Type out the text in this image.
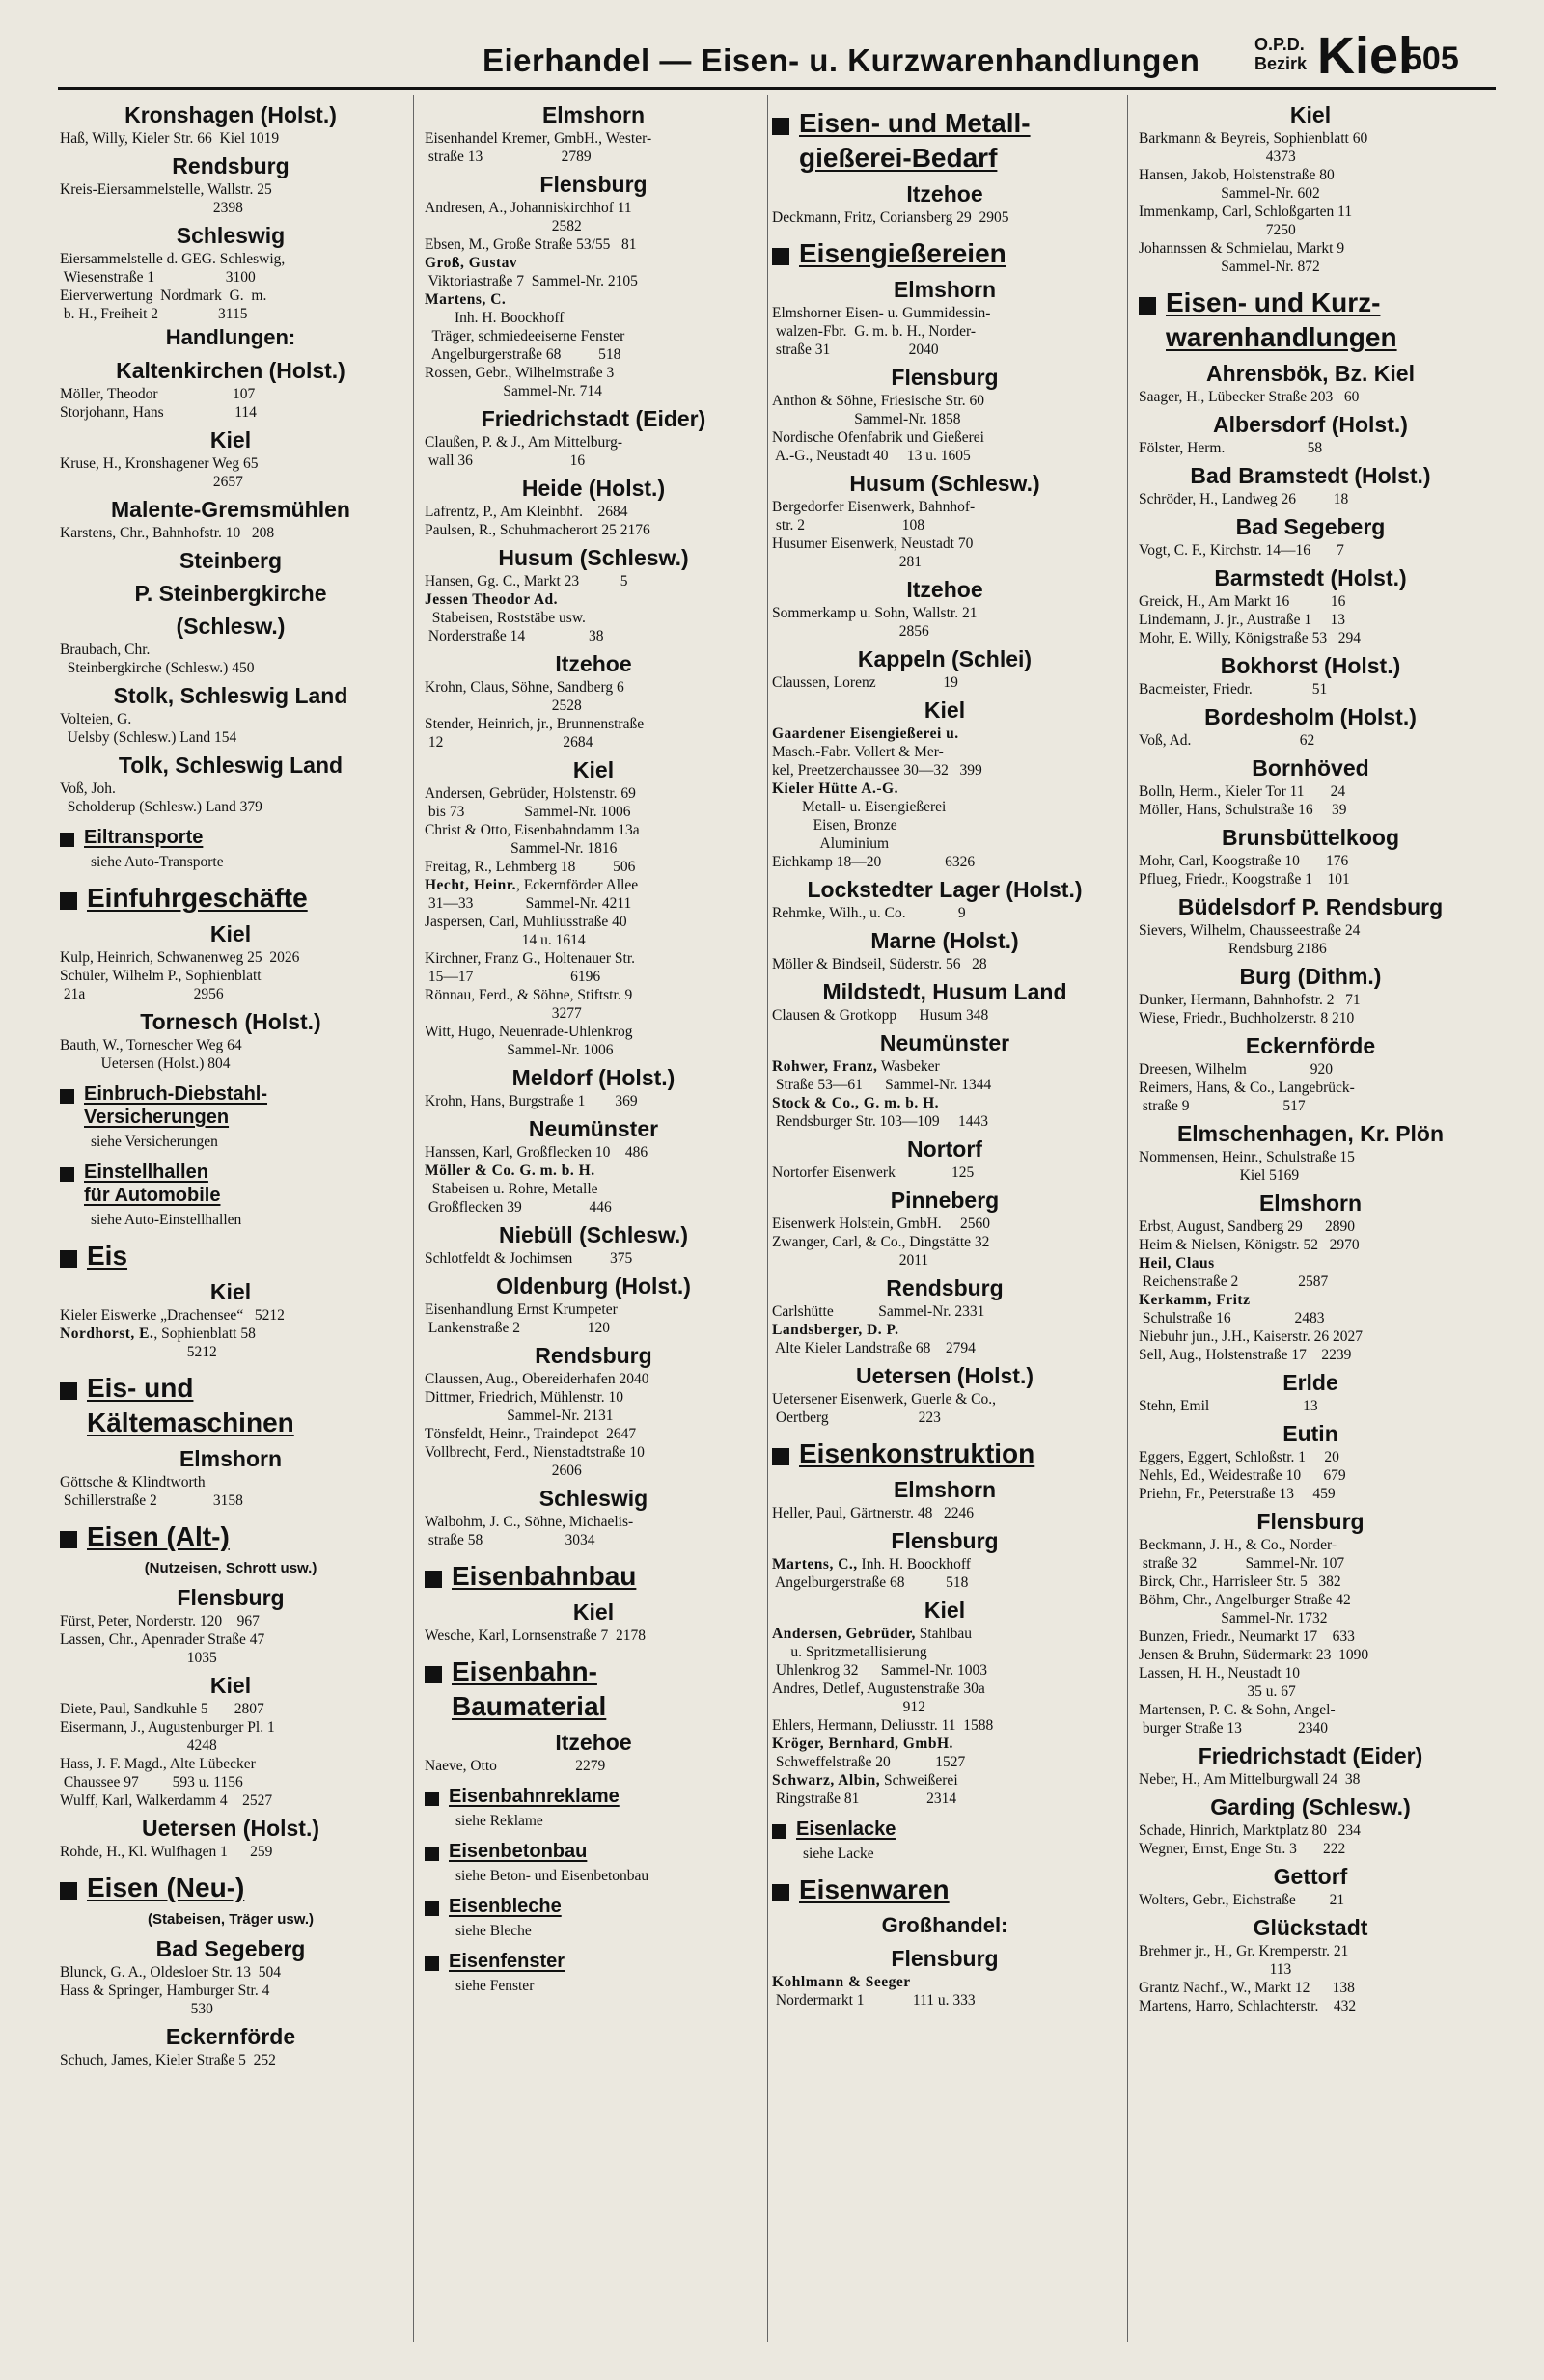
Eierhandel — Eisen- u. Kurzwarenhandlungen	O.P.D. Bezirk Kiel
505
Kronshagen (Holst.)
Haß, Willy, Kieler Str. 66  Kiel 1019
Rendsburg
Kreis-Eiersammelstelle, Wallstr. 25
2398
Schleswig
Eiersammelstelle d. GEG. Schleswig,
Wiesenstraße 1                   3100
Eierverwertung  Nordmark  G.  m.
b. H., Freiheit 2                3115
Handlungen:
Kaltenkirchen (Holst.)
Möller, Theodor                    107
Storjohann, Hans                   114
Kiel
Kruse, H., Kronshagener Weg 65
2657
Malente-Gremsmühlen
Karstens, Chr., Bahnhofstr. 10   208
Steinberg
P. Steinbergkirche
(Schlesw.)
Braubach, Chr.
Steinbergkirche (Schlesw.) 450
Stolk, Schleswig Land
Volteien, G.
Uelsby (Schlesw.) Land 154
Tolk, Schleswig Land
Voß, Joh.
Scholderup (Schlesw.) Land 379
Eiltransporte
siehe Auto-Transporte
Einfuhrgeschäfte
Kiel
Kulp, Heinrich, Schwanenweg 25  2026
Schüler, Wilhelm P., Sophienblatt
21a                             2956
Tornesch (Holst.)
Bauth, W., Tornescher Weg 64
Uetersen (Holst.) 804
Einbruch-Diebstahl-
Versicherungen
siehe Versicherungen
Einstellhallen
für Automobile
siehe Auto-Einstellhallen
Eis
Kiel
Kieler Eiswerke „Drachensee“   5212
Nordhorst, E., Sophienblatt 58
5212
Eis- und
Kältemaschinen
Elmshorn
Göttsche & Klindtworth
Schillerstraße 2               3158
Eisen (Alt-)
(Nutzeisen, Schrott usw.)
Flensburg
Fürst, Peter, Norderstr. 120    967
Lassen, Chr., Apenrader Straße 47
1035
Kiel
Diete, Paul, Sandkuhle 5       2807
Eisermann, J., Augustenburger Pl. 1
4248
Hass, J. F. Magd., Alte Lübecker
Chaussee 97         593 u. 1156
Wulff, Karl, Walkerdamm 4    2527
Uetersen (Holst.)
Rohde, H., Kl. Wulfhagen 1      259
Eisen (Neu-)
(Stabeisen, Träger usw.)
Bad Segeberg
Blunck, G. A., Oldesloer Str. 13  504
Hass & Springer, Hamburger Str. 4
530
Eckernförde
Schuch, James, Kieler Straße 5  252
Elmshorn
Eisenhandel Kremer, GmbH., Wester-
straße 13                     2789
Flensburg
Andresen, A., Johanniskirchhof 11
2582
Ebsen, M., Große Straße 53/55   81
Groß, Gustav
Viktoriastraße 7  Sammel-Nr. 2105
Martens, C.
Inh. H. Boockhoff
Träger, schmiedeeiserne Fenster
Angelburgerstraße 68          518
Rossen, Gebr., Wilhelmstraße 3
Sammel-Nr. 714
Friedrichstadt (Eider)
Claußen, P. & J., Am Mittelburg-
wall 36                          16
Heide (Holst.)
Lafrentz, P., Am Kleinbhf.    2684
Paulsen, R., Schuhmacherort 25 2176
Husum (Schlesw.)
Hansen, Gg. C., Markt 23           5
Jessen Theodor Ad.
Stabeisen, Roststäbe usw.
Norderstraße 14                 38
Itzehoe
Krohn, Claus, Söhne, Sandberg 6
2528
Stender, Heinrich, jr., Brunnenstraße
12                                2684
Kiel
Andersen, Gebrüder, Holstenstr. 69
bis 73                Sammel-Nr. 1006
Christ & Otto, Eisenbahndamm 13a
Sammel-Nr. 1816
Freitag, R., Lehmberg 18          506
Hecht, Heinr., Eckernförder Allee
31—33              Sammel-Nr. 4211
Jaspersen, Carl, Muhliusstraße 40
14 u. 1614
Kirchner, Franz G., Holtenauer Str.
15—17                          6196
Rönnau, Ferd., & Söhne, Stiftstr. 9
3277
Witt, Hugo, Neuenrade-Uhlenkrog
Sammel-Nr. 1006
Meldorf (Holst.)
Krohn, Hans, Burgstraße 1        369
Neumünster
Hanssen, Karl, Großflecken 10    486
Möller & Co. G. m. b. H.
Stabeisen u. Rohre, Metalle
Großflecken 39                  446
Niebüll (Schlesw.)
Schlotfeldt & Jochimsen          375
Oldenburg (Holst.)
Eisenhandlung Ernst Krumpeter
Lankenstraße 2                  120
Rendsburg
Claussen, Aug., Obereiderhafen 2040
Dittmer, Friedrich, Mühlenstr. 10
Sammel-Nr. 2131
Tönsfeldt, Heinr., Traindepot  2647
Vollbrecht, Ferd., Nienstadtstraße 10
2606
Schleswig
Walbohm, J. C., Söhne, Michaelis-
straße 58                      3034
Eisenbahnbau
Kiel
Wesche, Karl, Lornsenstraße 7  2178
Eisenbahn-
Baumaterial
Itzehoe
Naeve, Otto                     2279
Eisenbahnreklame
siehe Reklame
Eisenbetonbau
siehe Beton- und Eisenbetonbau
Eisenbleche
siehe Bleche
Eisenfenster
siehe Fenster
Eisen- und Metall-
gießerei-Bedarf
Itzehoe
Deckmann, Fritz, Coriansberg 29  2905
Eisengießereien
Elmshorn
Elmshorner Eisen- u. Gummidessin-
walzen-Fbr.  G. m. b. H., Norder-
straße 31                     2040
Flensburg
Anthon & Söhne, Friesische Str. 60
Sammel-Nr. 1858
Nordische Ofenfabrik und Gießerei
A.-G., Neustadt 40     13 u. 1605
Husum (Schlesw.)
Bergedorfer Eisenwerk, Bahnhof-
str. 2                          108
Husumer Eisenwerk, Neustadt 70
281
Itzehoe
Sommerkamp u. Sohn, Wallstr. 21
2856
Kappeln (Schlei)
Claussen, Lorenz                  19
Kiel
Gaardener Eisengießerei u.
Masch.-Fabr. Vollert & Mer-
kel, Preetzerchaussee 30—32   399
Kieler Hütte A.-G.
Metall- u. Eisengießerei
Eisen, Bronze
Aluminium
Eichkamp 18—20                 6326
Lockstedter Lager (Holst.)
Rehmke, Wilh., u. Co.              9
Marne (Holst.)
Möller & Bindseil, Süderstr. 56   28
Mildstedt, Husum Land
Clausen & Grotkopp      Husum 348
Neumünster
Rohwer, Franz, Wasbeker
Straße 53—61      Sammel-Nr. 1344
Stock & Co., G. m. b. H.
Rendsburger Str. 103—109     1443
Nortorf
Nortorfer Eisenwerk               125
Pinneberg
Eisenwerk Holstein, GmbH.     2560
Zwanger, Carl, & Co., Dingstätte 32
2011
Rendsburg
Carlshütte            Sammel-Nr. 2331
Landsberger, D. P.
Alte Kieler Landstraße 68    2794
Uetersen (Holst.)
Uetersener Eisenwerk, Guerle & Co.,
Oertberg                        223
Eisenkonstruktion
Elmshorn
Heller, Paul, Gärtnerstr. 48   2246
Flensburg
Martens, C., Inh. H. Boockhoff
Angelburgerstraße 68           518
Kiel
Andersen, Gebrüder, Stahlbau
u. Spritzmetallisierung
Uhlenkrog 32      Sammel-Nr. 1003
Andres, Detlef, Augustenstraße 30a
912
Ehlers, Hermann, Deliusstr. 11  1588
Kröger, Bernhard, GmbH.
Schweffelstraße 20            1527
Schwarz, Albin, Schweißerei
Ringstraße 81                  2314
Eisenlacke
siehe Lacke
Eisenwaren
Großhandel:
Flensburg
Kohlmann & Seeger
Nordermarkt 1             111 u. 333
Kiel
Barkmann & Beyreis, Sophienblatt 60
4373
Hansen, Jakob, Holstenstraße 80
Sammel-Nr. 602
Immenkamp, Carl, Schloßgarten 11
7250
Johannssen & Schmielau, Markt 9
Sammel-Nr. 872
Eisen- und Kurz-
warenhandlungen
Ahrensbök, Bz. Kiel
Saager, H., Lübecker Straße 203   60
Albersdorf (Holst.)
Fölster, Herm.                      58
Bad Bramstedt (Holst.)
Schröder, H., Landweg 26          18
Bad Segeberg
Vogt, C. F., Kirchstr. 14—16       7
Barmstedt (Holst.)
Greick, H., Am Markt 16           16
Lindemann, J. jr., Austraße 1     13
Mohr, E. Willy, Königstraße 53   294
Bokhorst (Holst.)
Bacmeister, Friedr.                51
Bordesholm (Holst.)
Voß, Ad.                             62
Bornhöved
Bolln, Herm., Kieler Tor 11       24
Möller, Hans, Schulstraße 16     39
Brunsbüttelkoog
Mohr, Carl, Koogstraße 10       176
Pflueg, Friedr., Koogstraße 1    101
Büdelsdorf P. Rendsburg
Sievers, Wilhelm, Chausseestraße 24
Rendsburg 2186
Burg (Dithm.)
Dunker, Hermann, Bahnhofstr. 2   71
Wiese, Friedr., Buchholzerstr. 8 210
Eckernförde
Dreesen, Wilhelm                 920
Reimers, Hans, & Co., Langebrück-
straße 9                         517
Elmschenhagen, Kr. Plön
Nommensen, Heinr., Schulstraße 15
Kiel 5169
Elmshorn
Erbst, August, Sandberg 29      2890
Heim & Nielsen, Königstr. 52   2970
Heil, Claus
Reichenstraße 2                2587
Kerkamm, Fritz
Schulstraße 16                 2483
Niebuhr jun., J.H., Kaiserstr. 26 2027
Sell, Aug., Holstenstraße 17    2239
Erlde
Stehn, Emil                         13
Eutin
Eggers, Eggert, Schloßstr. 1     20
Nehls, Ed., Weidestraße 10      679
Priehn, Fr., Peterstraße 13     459
Flensburg
Beckmann, J. H., & Co., Norder-
straße 32             Sammel-Nr. 107
Birck, Chr., Harrisleer Str. 5   382
Böhm, Chr., Angelburger Straße 42
Sammel-Nr. 1732
Bunzen, Friedr., Neumarkt 17    633
Jensen & Bruhn, Südermarkt 23  1090
Lassen, H. H., Neustadt 10
35 u. 67
Martensen, P. C. & Sohn, Angel-
burger Straße 13               2340
Friedrichstadt (Eider)
Neber, H., Am Mittelburgwall 24  38
Garding (Schlesw.)
Schade, Hinrich, Marktplatz 80   234
Wegner, Ernst, Enge Str. 3       222
Gettorf
Wolters, Gebr., Eichstraße         21
Glückstadt
Brehmer jr., H., Gr. Kremperstr. 21
113
Grantz Nachf., W., Markt 12      138
Martens, Harro, Schlachterstr.    432
